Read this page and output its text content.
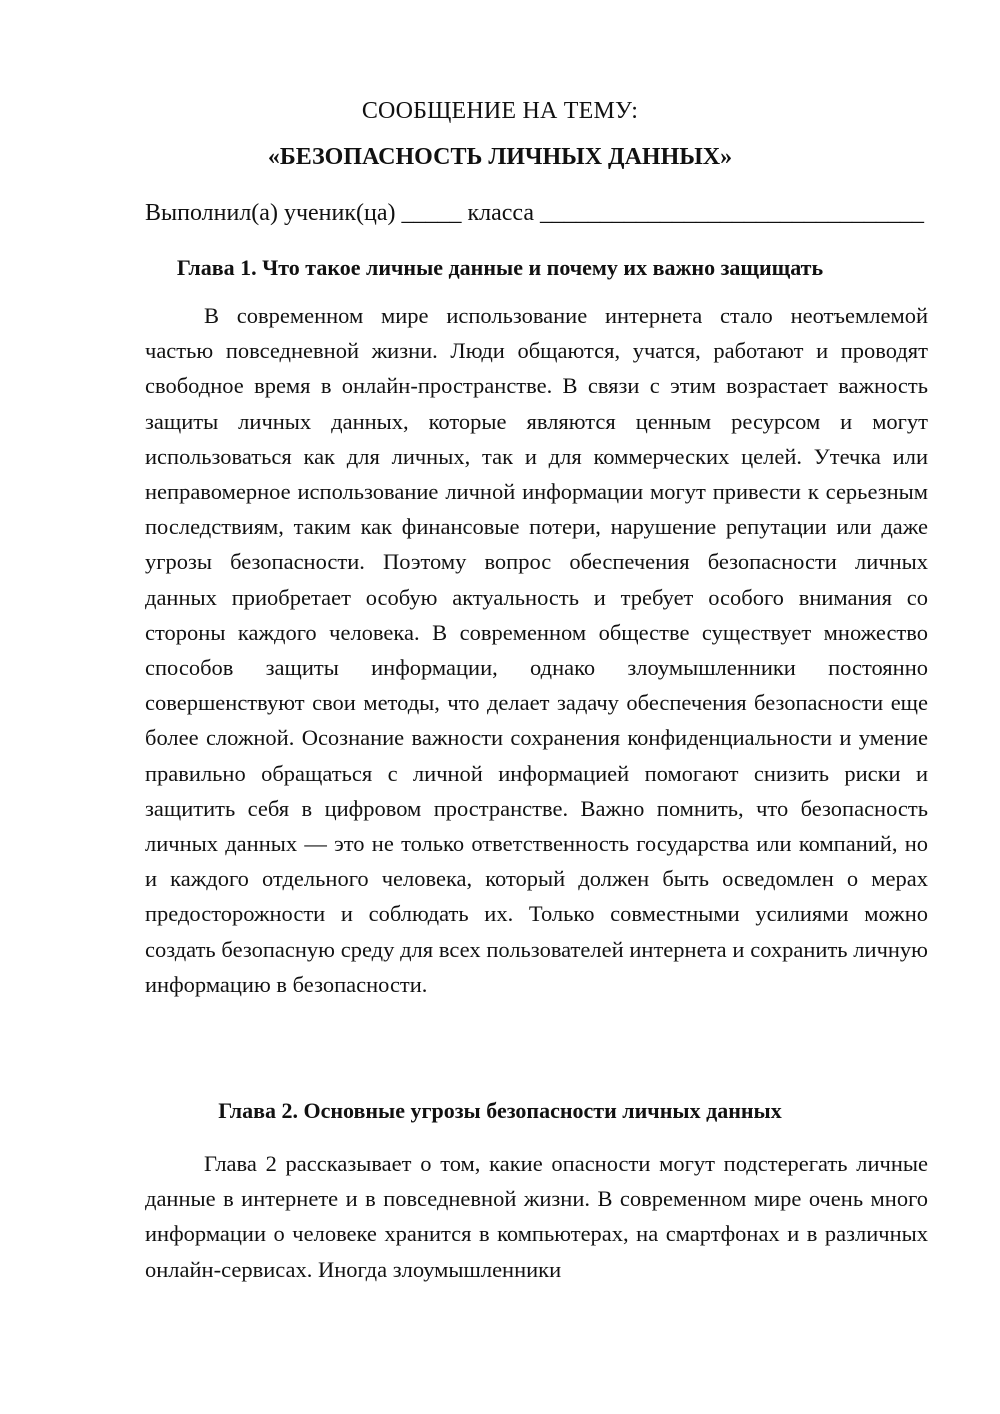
СООБЩЕНИЕ НА ТЕМУ:
«БЕЗОПАСНОСТЬ ЛИЧНЫХ ДАННЫХ»
Выполнил(а) ученик(ца) _____ класса ________________________________
Глава 1. Что такое личные данные и почему их важно защищать

В современном мире использование интернета стало неотъемлемой частью повседневной жизни. Люди общаются, учатся, работают и проводят свободное время в онлайн-пространстве. В связи с этим возрастает важность защиты личных данных, которые являются ценным ресурсом и могут использоваться как для личных, так и для коммерческих целей. Утечка или неправомерное использование личной информации могут привести к серьезным последствиям, таким как финансовые потери, нарушение репутации или даже угрозы безопасности. Поэтому вопрос обеспечения безопасности личных данных приобретает особую актуальность и требует особого внимания со стороны каждого человека. В современном обществе существует множество способов защиты информации, однако злоумышленники постоянно совершенствуют свои методы, что делает задачу обеспечения безопасности еще более сложной. Осознание важности сохранения конфиденциальности и умение правильно обращаться с личной информацией помогают снизить риски и защитить себя в цифровом пространстве. Важно помнить, что безопасность личных данных — это не только ответственность государства или компаний, но и каждого отдельного человека, который должен быть осведомлен о мерах предосторожности и соблюдать их. Только совместными усилиями можно создать безопасную среду для всех пользователей интернета и сохранить личную информацию в безопасности.

Глава 2. Основные угрозы безопасности личных данных

Глава 2 рассказывает о том, какие опасности могут подстерегать личные данные в интернете и в повседневной жизни. В современном мире очень много информации о человеке хранится в компьютерах, на смартфонах и в различных онлайн-сервисах. Иногда злоумышленники
